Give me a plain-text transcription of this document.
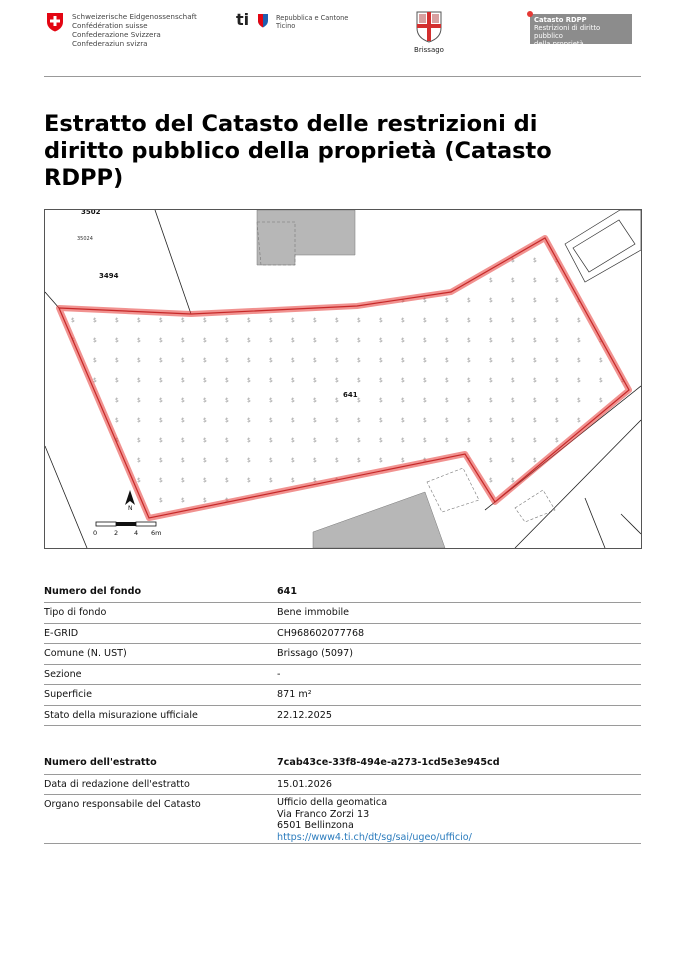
Schweizerische Eidgenossenschaft
Confédération suisse
Confederazione Svizzera
Confederaziun svizra
ti	Repubblica e Cantone
Ticino
Brissago
Catasto RDPP
Restrizioni di diritto pubblico
della proprietà
Estratto del Catasto delle restrizioni di diritto pubblico della proprietà (Catasto RDPP)
3502
35024
3494
641
N
0	2 4 6m
Numero del fondo	641
Tipo di fondo	Bene immobile
E-GRID	CH968602077768
Comune (N. UST)	Brissago (5097)
Sezione	-
Superficie	871 m²
Stato della misurazione ufficiale	22.12.2025
Numero dell'estratto	7cab43ce-33f8-494e-a273-1cd5e3e945cd
Data di redazione dell'estratto	15.01.2026
Organo responsabile del Catasto	Ufficio della geomatica
Via Franco Zorzi 13
6501 Bellinzona
https://www4.ti.ch/dt/sg/sai/ugeo/ufficio/
